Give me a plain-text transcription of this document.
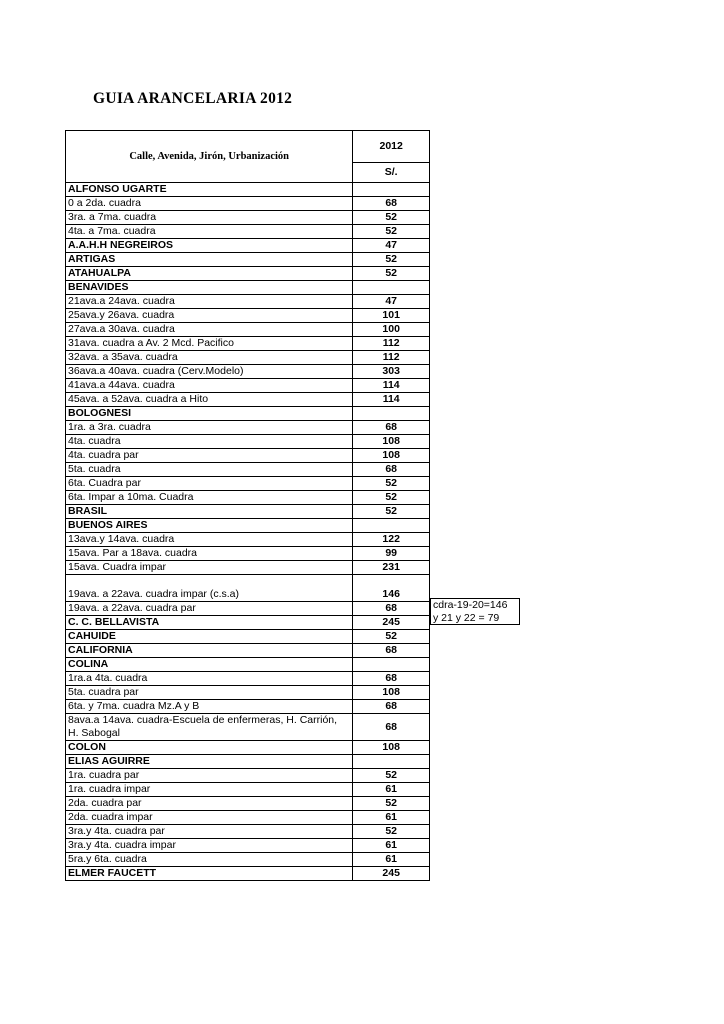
GUIA ARANCELARIA 2012
Calle, Avenida, Jirón, Urbanización	2012
	S/.
ALFONSO UGARTE	
0 a 2da. cuadra	68
3ra. a 7ma. cuadra	52
4ta. a 7ma. cuadra	52
A.A.H.H NEGREIROS	47
ARTIGAS	52
ATAHUALPA	52
BENAVIDES	
21ava.a 24ava. cuadra	47
25ava.y 26ava. cuadra	101
27ava.a 30ava. cuadra	100
31ava. cuadra a Av. 2 Mcd. Pacifico	112
32ava. a 35ava. cuadra	112
36ava.a 40ava. cuadra (Cerv.Modelo)	303
41ava.a 44ava. cuadra	114
45ava. a 52ava. cuadra a Hito	114
BOLOGNESI	
1ra. a 3ra. cuadra	68
4ta. cuadra	108
4ta. cuadra par	108
5ta. cuadra	68
6ta. Cuadra par	52
6ta. Impar a 10ma. Cuadra	52
BRASIL	52
BUENOS AIRES	
13ava.y 14ava. cuadra	122
15ava. Par a 18ava. cuadra	99
15ava. Cuadra impar	231
19ava. a 22ava. cuadra impar (c.s.a)	146
19ava. a 22ava. cuadra par	68
C. C. BELLAVISTA	245
CAHUIDE	52
CALIFORNIA	68
COLINA	
1ra.a 4ta. cuadra	68
5ta. cuadra par	108
6ta. y 7ma. cuadra Mz.A y B	68
8ava.a 14ava. cuadra-Escuela de enfermeras, H. Carrión, H. Sabogal	68
COLON	108
ELIAS AGUIRRE	
1ra. cuadra par	52
1ra. cuadra impar	61
2da. cuadra par	52
2da. cuadra impar	61
3ra.y 4ta. cuadra par	52
3ra.y 4ta. cuadra impar	61
5ra.y 6ta. cuadra	61
ELMER FAUCETT	245
cdra-19-20=146
y 21 y 22 = 79
